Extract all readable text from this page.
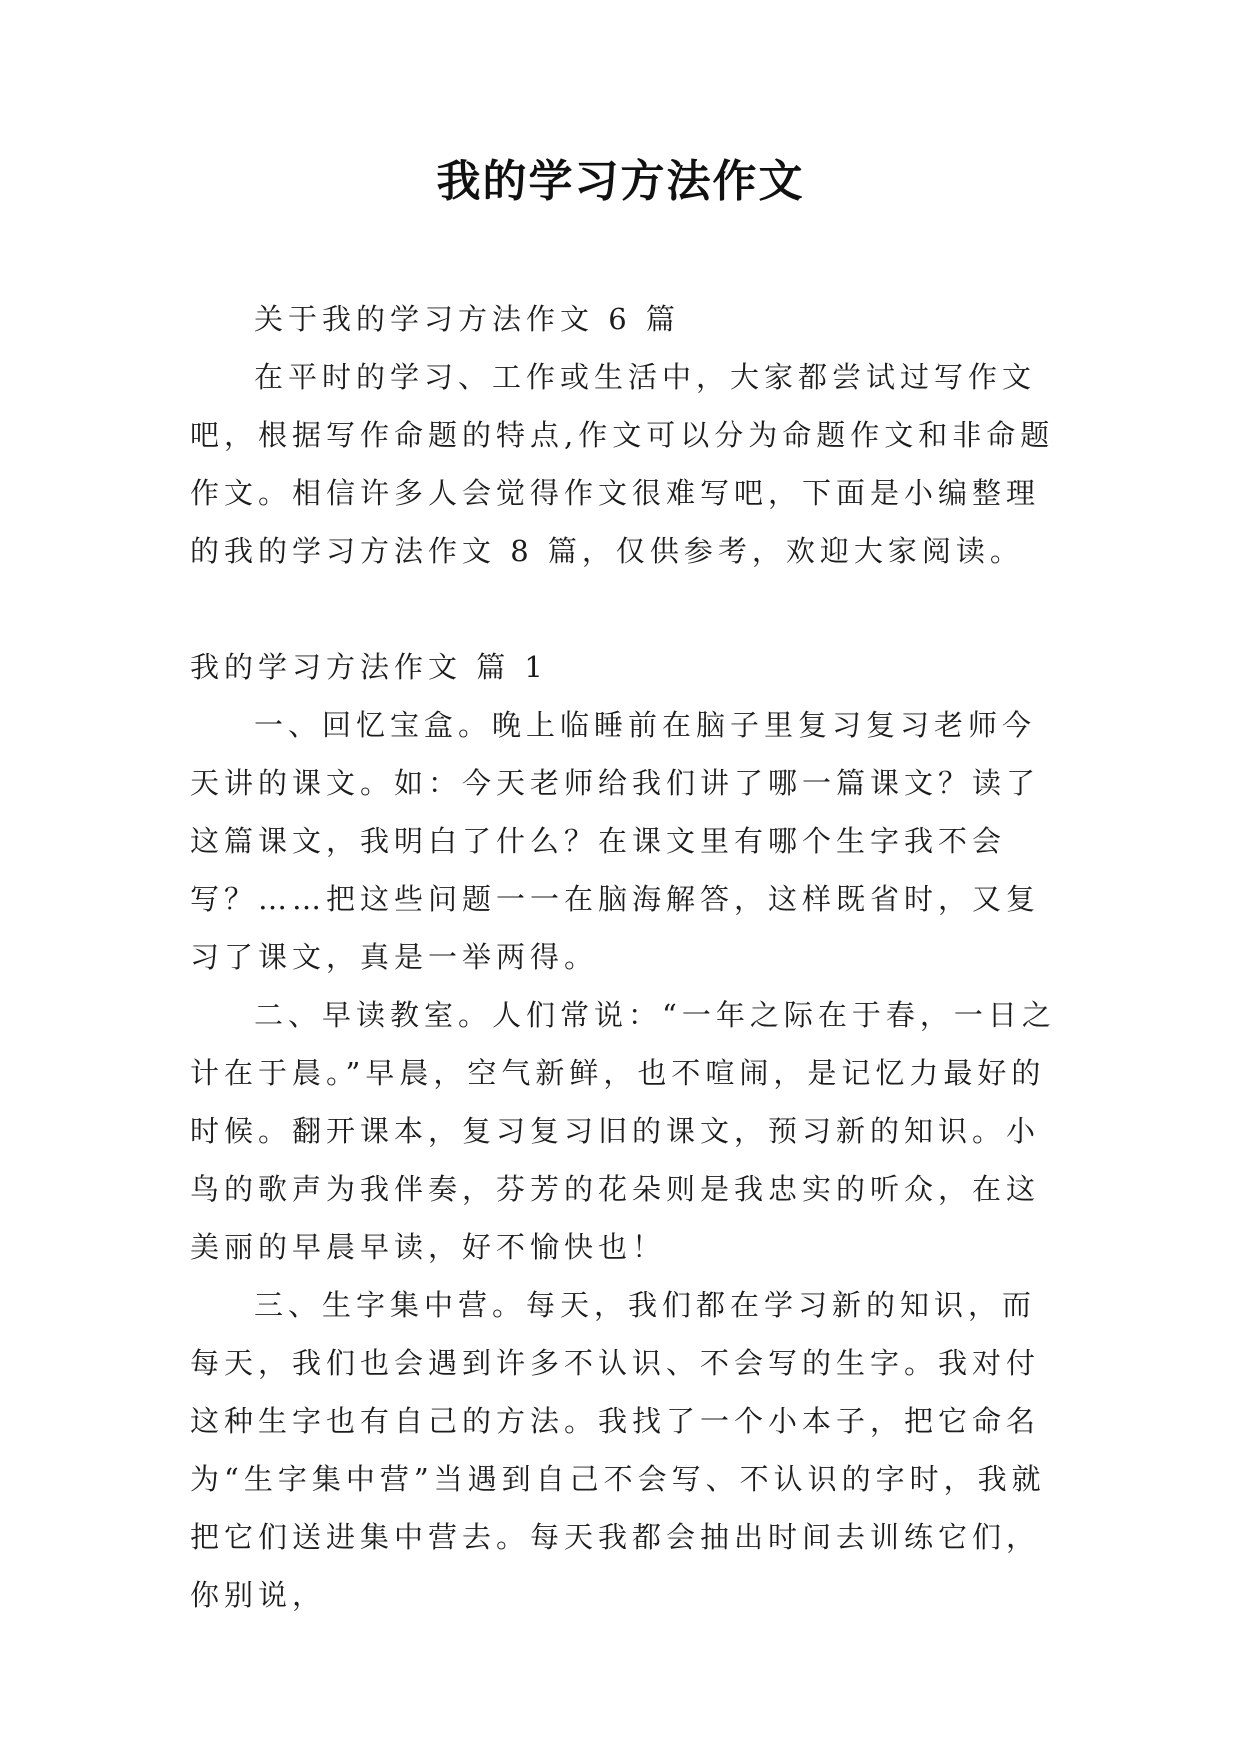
我的学习方法作文

关于我的学习方法作文 6 篇

在平时的学习、工作或生活中，大家都尝试过写作文吧，根据写作命题的特点,作文可以分为命题作文和非命题作文。相信许多人会觉得作文很难写吧，下面是小编整理的我的学习方法作文 8 篇，仅供参考，欢迎大家阅读。

我的学习方法作文 篇 1

一、回忆宝盒。晚上临睡前在脑子里复习复习老师今天讲的课文。如：今天老师给我们讲了哪一篇课文？读了这篇课文，我明白了什么？在课文里有哪个生字我不会写？……把这些问题一一在脑海解答，这样既省时，又复习了课文，真是一举两得。

二、早读教室。人们常说：“一年之际在于春，一日之计在于晨。”早晨，空气新鲜，也不喧闹，是记忆力最好的时候。翻开课本，复习复习旧的课文，预习新的知识。小鸟的歌声为我伴奏，芬芳的花朵则是我忠实的听众，在这美丽的早晨早读，好不愉快也！

三、生字集中营。每天，我们都在学习新的知识，而每天，我们也会遇到许多不认识、不会写的生字。我对付这种生字也有自己的方法。我找了一个小本子，把它命名为“生字集中营”当遇到自己不会写、不认识的字时，我就把它们送进集中营去。每天我都会抽出时间去训练它们，你别说，
